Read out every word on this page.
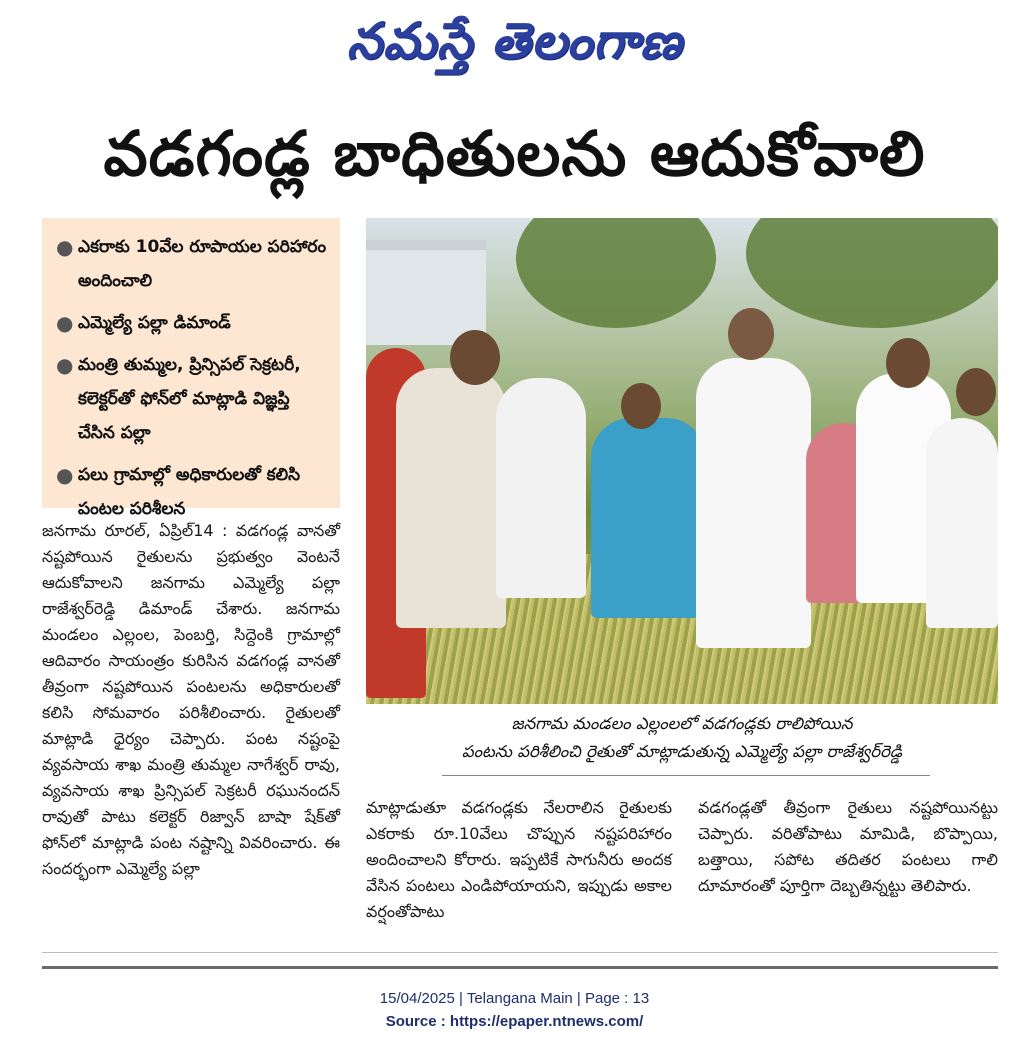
నమస్తే తెలంగాణ
వడగండ్ల బాధితులను ఆదుకోవాలి
● ఎకరాకు 10వేల రూపాయల పరిహారం అందించాలి
● ఎమ్మెల్యే పల్లా డిమాండ్
● మంత్రి తుమ్మల, ప్రిన్సిపల్ సెక్రటరీ, కలెక్టర్‌తో ఫోన్‌లో మాట్లాడి విజ్ఞప్తి చేసిన పల్లా
● పలు గ్రామాల్లో అధికారులతో కలిసి పంటల పరిశీలన
జనగామ మండలం ఎల్లంలలో వడగండ్లకు రాలిపోయిన
పంటను పరిశీలించి రైతుతో మాట్లాడుతున్న ఎమ్మెల్యే పల్లా రాజేశ్వర్‌రెడ్డి
జనగామ రూరల్, ఏప్రిల్14 : వడగండ్ల వానతో నష్టపోయిన రైతులను ప్రభుత్వం వెంటనే ఆదుకోవాలని జనగామ ఎమ్మెల్యే పల్లా రాజేశ్వర్‌రెడ్డి డిమాండ్ చేశారు. జనగామ మండలం ఎల్లంల, పెంబర్తి, సిద్దెంకి గ్రామాల్లో ఆదివారం సాయంత్రం కురిసిన వడగండ్ల వానతో తీవ్రంగా నష్టపోయిన పంటలను అధికారులతో కలిసి సోమవారం పరిశీలించారు. రైతులతో మాట్లాడి ధైర్యం చెప్పారు. పంట నష్టంపై వ్యవసాయ శాఖ మంత్రి తుమ్మల నాగేశ్వర్ రావు, వ్యవసాయ శాఖ ప్రిన్సిపల్ సెక్రటరీ రఘునందన్ రావుతో పాటు కలెక్టర్ రిజ్వాన్ బాషా షేక్‌తో ఫోన్‌లో మాట్లాడి పంట నష్టాన్ని వివరించారు. ఈ సందర్భంగా ఎమ్మెల్యే పల్లా
మాట్లాడుతూ వడగండ్లకు నేలరాలిన రైతులకు ఎకరాకు రూ.10వేలు చొప్పున నష్టపరిహారం అందించాలని కోరారు. ఇప్పటికే సాగునీరు అందక వేసిన పంటలు ఎండిపోయాయని, ఇప్పుడు అకాల వర్షంతోపాటు
వడగండ్లతో తీవ్రంగా రైతులు నష్టపోయినట్టు చెప్పారు. వరితోపాటు మామిడి, బొప్పాయి, బత్తాయి, సపోట తదితర పంటలు గాలి దూమారంతో పూర్తిగా దెబ్బతిన్నట్టు తెలిపారు.
15/04/2025 | Telangana Main | Page : 13
Source : https://epaper.ntnews.com/
